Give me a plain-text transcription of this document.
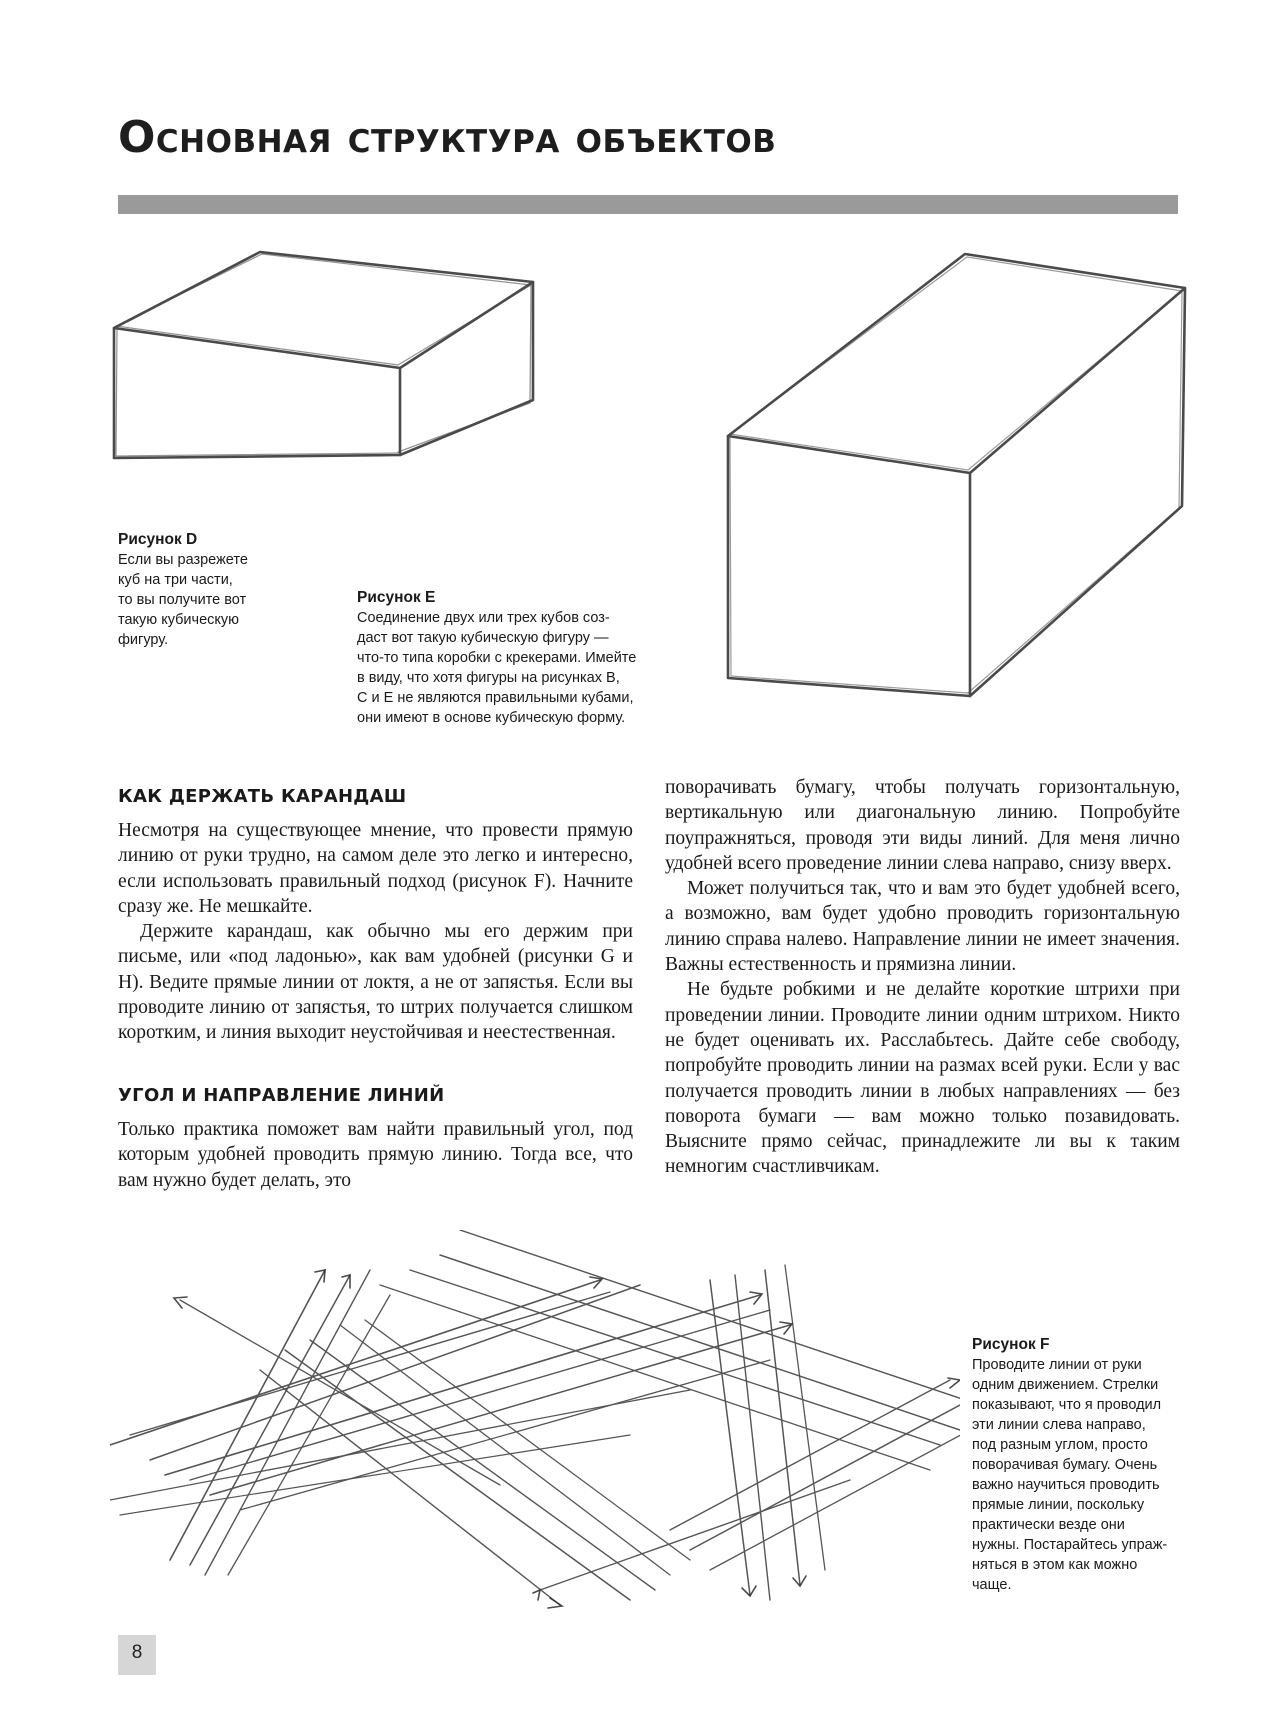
Основная структура объектов
Рисунок D
Если вы разрежете
куб на три части,
то вы получите вот
такую кубическую
фигуру.
Рисунок E
Соединение двух или трех кубов соз-
даст вот такую кубическую фигуру —
что-то типа коробки с крекерами. Имейте
в виду, что хотя фигуры на рисунках B,
C и E не являются правильными кубами,
они имеют в основе кубическую форму.
КАК ДЕРЖАТЬ КАРАНДАШ

Несмотря на существующее мнение, что провести прямую линию от руки трудно, на самом деле это легко и интересно, если использовать правильный подход (рисунок F). Начните сразу же. Не мешкайте.

Держите карандаш, как обычно мы его держим при письме, или «под ладонью», как вам удобней (рисунки G и H). Ведите прямые линии от локтя, а не от запястья. Если вы проводите линию от запястья, то штрих получается слишком коротким, и линия выходит неустойчивая и неестественная.

УГОЛ И НАПРАВЛЕНИЕ ЛИНИЙ

Только практика поможет вам найти правильный угол, под которым удобней проводить прямую линию. Тогда все, что вам нужно будет делать, это

поворачивать бумагу, чтобы получать горизонтальную, вертикальную или диагональную линию. Попробуйте поупражняться, проводя эти виды линий. Для меня лично удобней всего проведение линии слева направо, снизу вверх.

Может получиться так, что и вам это будет удобней всего, а возможно, вам будет удобно проводить горизонтальную линию справа налево. Направление линии не имеет значения. Важны естественность и прямизна линии.

Не будьте робкими и не делайте короткие штрихи при проведении линии. Проводите линии одним штрихом. Никто не будет оценивать их. Расслабьтесь. Дайте себе свободу, попробуйте проводить линии на размах всей руки. Если у вас получается проводить линии в любых направлениях — без поворота бумаги — вам можно только позавидовать. Выясните прямо сейчас, принадлежите ли вы к таким немногим счастливчикам.

Рисунок F
Проводите линии от руки
одним движением. Стрелки
показывают, что я проводил
эти линии слева направо,
под разным углом, просто
поворачивая бумагу. Очень
важно научиться проводить
прямые линии, поскольку
практически везде они
нужны. Постарайтесь упраж-
няться в этом как можно
чаще.
8
